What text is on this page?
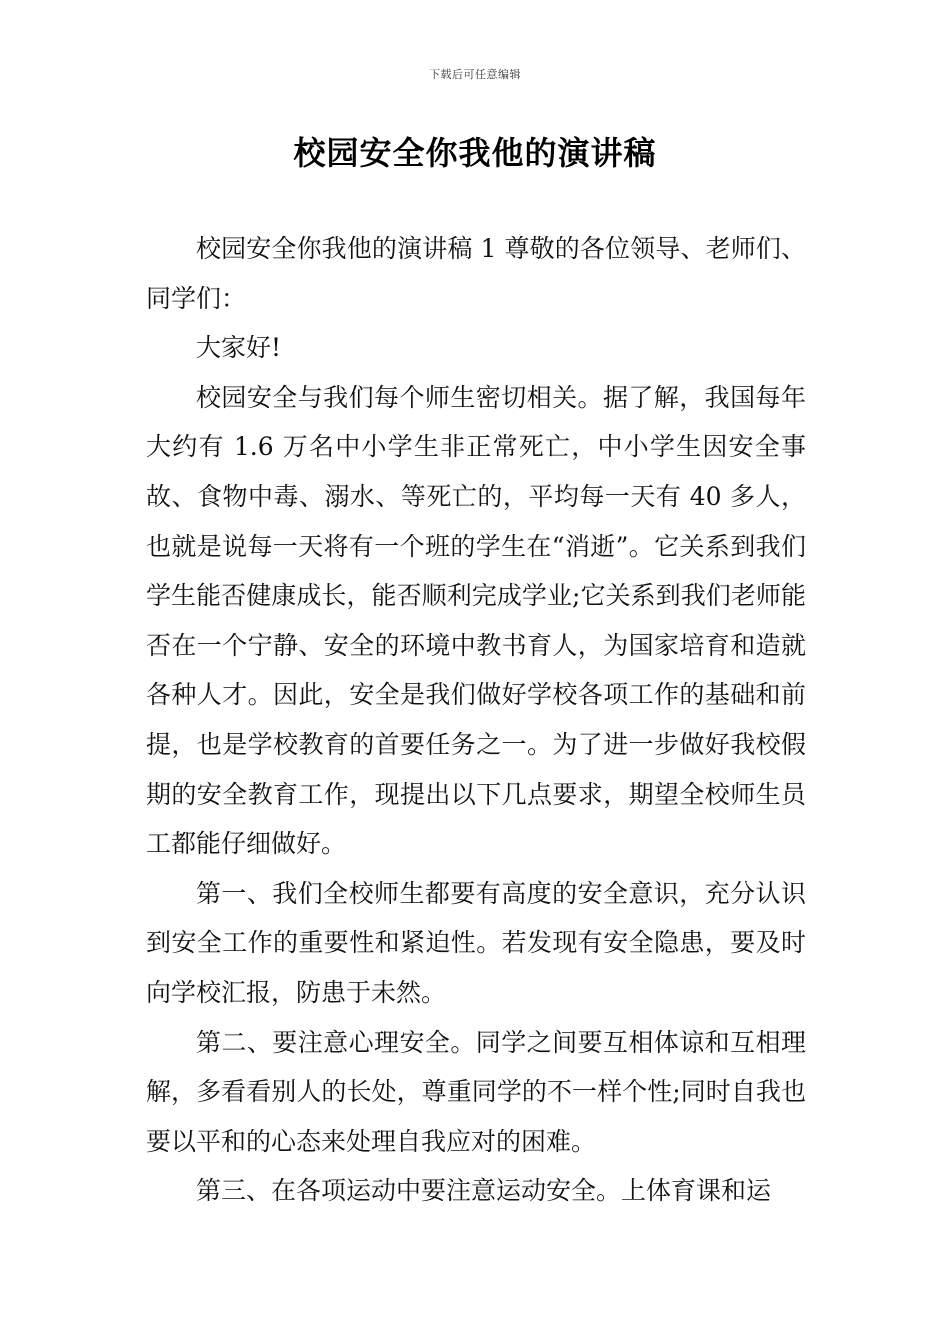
下载后可任意编辑
校园安全你我他的演讲稿

校园安全你我他的演讲稿 1 尊敬的各位领导、老师们、同学们：

大家好!

校园安全与我们每个师生密切相关。据了解，我国每年大约有 1.6 万名中小学生非正常死亡，中小学生因安全事故、食物中毒、溺水、等死亡的，平均每一天有 40 多人，也就是说每一天将有一个班的学生在“消逝”。它关系到我们学生能否健康成长，能否顺利完成学业;它关系到我们老师能否在一个宁静、安全的环境中教书育人，为国家培育和造就各种人才。因此，安全是我们做好学校各项工作的基础和前提，也是学校教育的首要任务之一。为了进一步做好我校假期的安全教育工作，现提出以下几点要求，期望全校师生员工都能仔细做好。

第一、我们全校师生都要有高度的安全意识，充分认识到安全工作的重要性和紧迫性。若发现有安全隐患，要及时向学校汇报，防患于未然。

第二、要注意心理安全。同学之间要互相体谅和互相理解，多看看别人的长处，尊重同学的不一样个性;同时自我也要以平和的心态来处理自我应对的困难。

第三、在各项运动中要注意运动安全。上体育课和运
